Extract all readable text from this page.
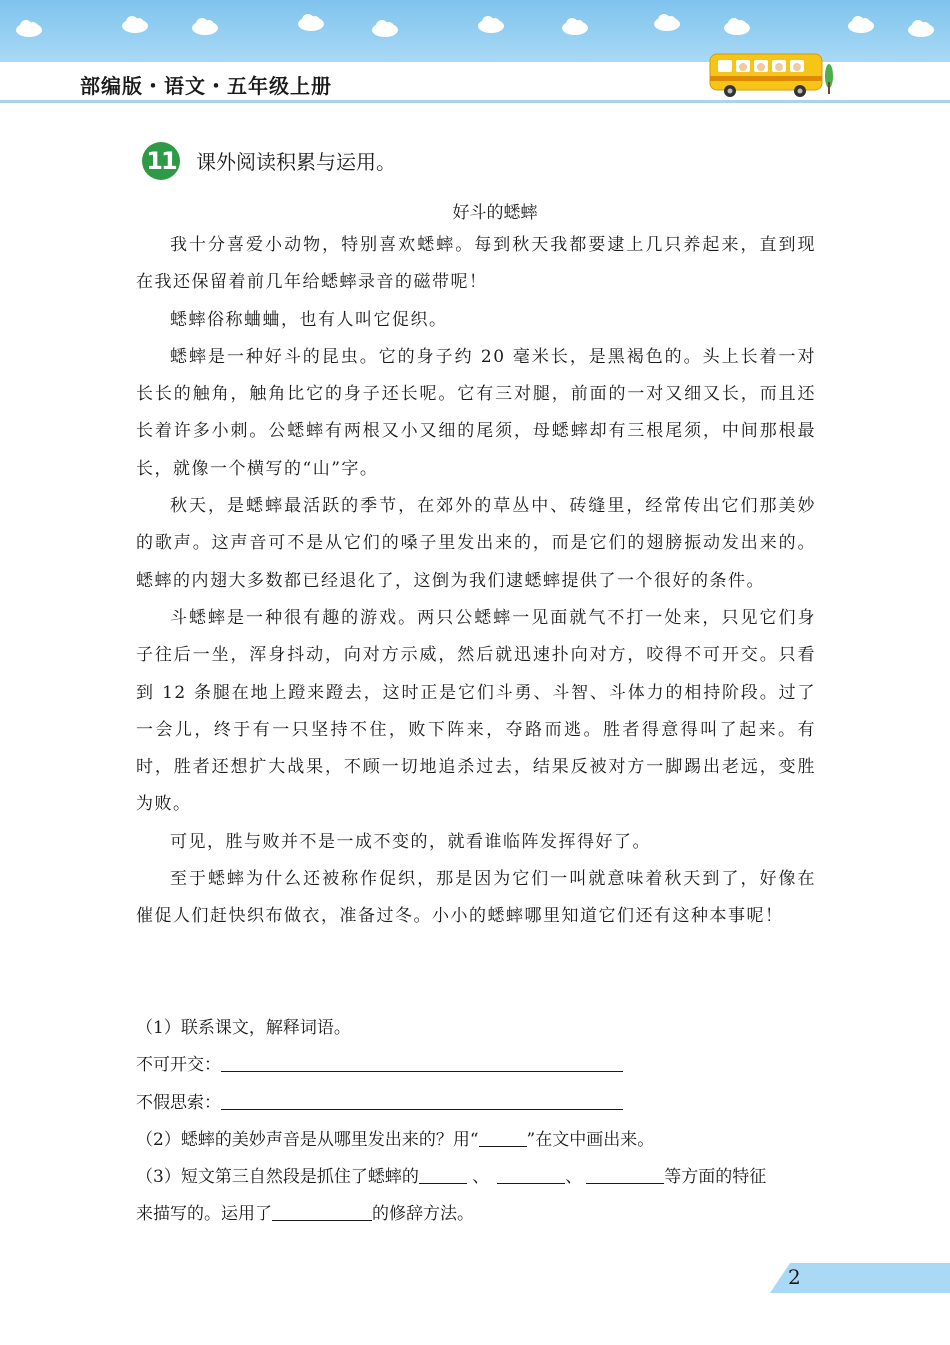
部编版・语文・五年级上册
11 课外阅读积累与运用。
好斗的蟋蟀

我十分喜爱小动物，特别喜欢蟋蟀。每到秋天我都要逮上几只养起来，直到现在我还保留着前几年给蟋蟀录音的磁带呢！

蟋蟀俗称蛐蛐，也有人叫它促织。

蟋蟀是一种好斗的昆虫。它的身子约 20 毫米长，是黑褐色的。头上长着一对长长的触角，触角比它的身子还长呢。它有三对腿，前面的一对又细又长，而且还长着许多小刺。公蟋蟀有两根又小又细的尾须，母蟋蟀却有三根尾须，中间那根最长，就像一个横写的“山”字。

秋天，是蟋蟀最活跃的季节，在郊外的草丛中、砖缝里，经常传出它们那美妙的歌声。这声音可不是从它们的嗓子里发出来的，而是它们的翅膀振动发出来的。蟋蟀的内翅大多数都已经退化了，这倒为我们逮蟋蟀提供了一个很好的条件。

斗蟋蟀是一种很有趣的游戏。两只公蟋蟀一见面就气不打一处来，只见它们身子往后一坐，浑身抖动，向对方示威，然后就迅速扑向对方，咬得不可开交。只看到 12 条腿在地上蹬来蹬去，这时正是它们斗勇、斗智、斗体力的相持阶段。过了一会儿，终于有一只坚持不住，败下阵来，夺路而逃。胜者得意得叫了起来。有时，胜者还想扩大战果，不顾一切地追杀过去，结果反被对方一脚踢出老远，变胜为败。

可见，胜与败并不是一成不变的，就看谁临阵发挥得好了。

至于蟋蟀为什么还被称作促织，那是因为它们一叫就意味着秋天到了，好像在催促人们赶快织布做衣，准备过冬。小小的蟋蟀哪里知道它们还有这种本事呢！

（1）联系课文，解释词语。
不可开交：
不假思索：
（2）蟋蟀的美妙声音是从哪里发出来的？用“	”在文中画出来。
（3）短文第三自然段是抓住了蟋蟀的	、	、	等方面的特征
来描写的。运用了	的修辞方法。
2
